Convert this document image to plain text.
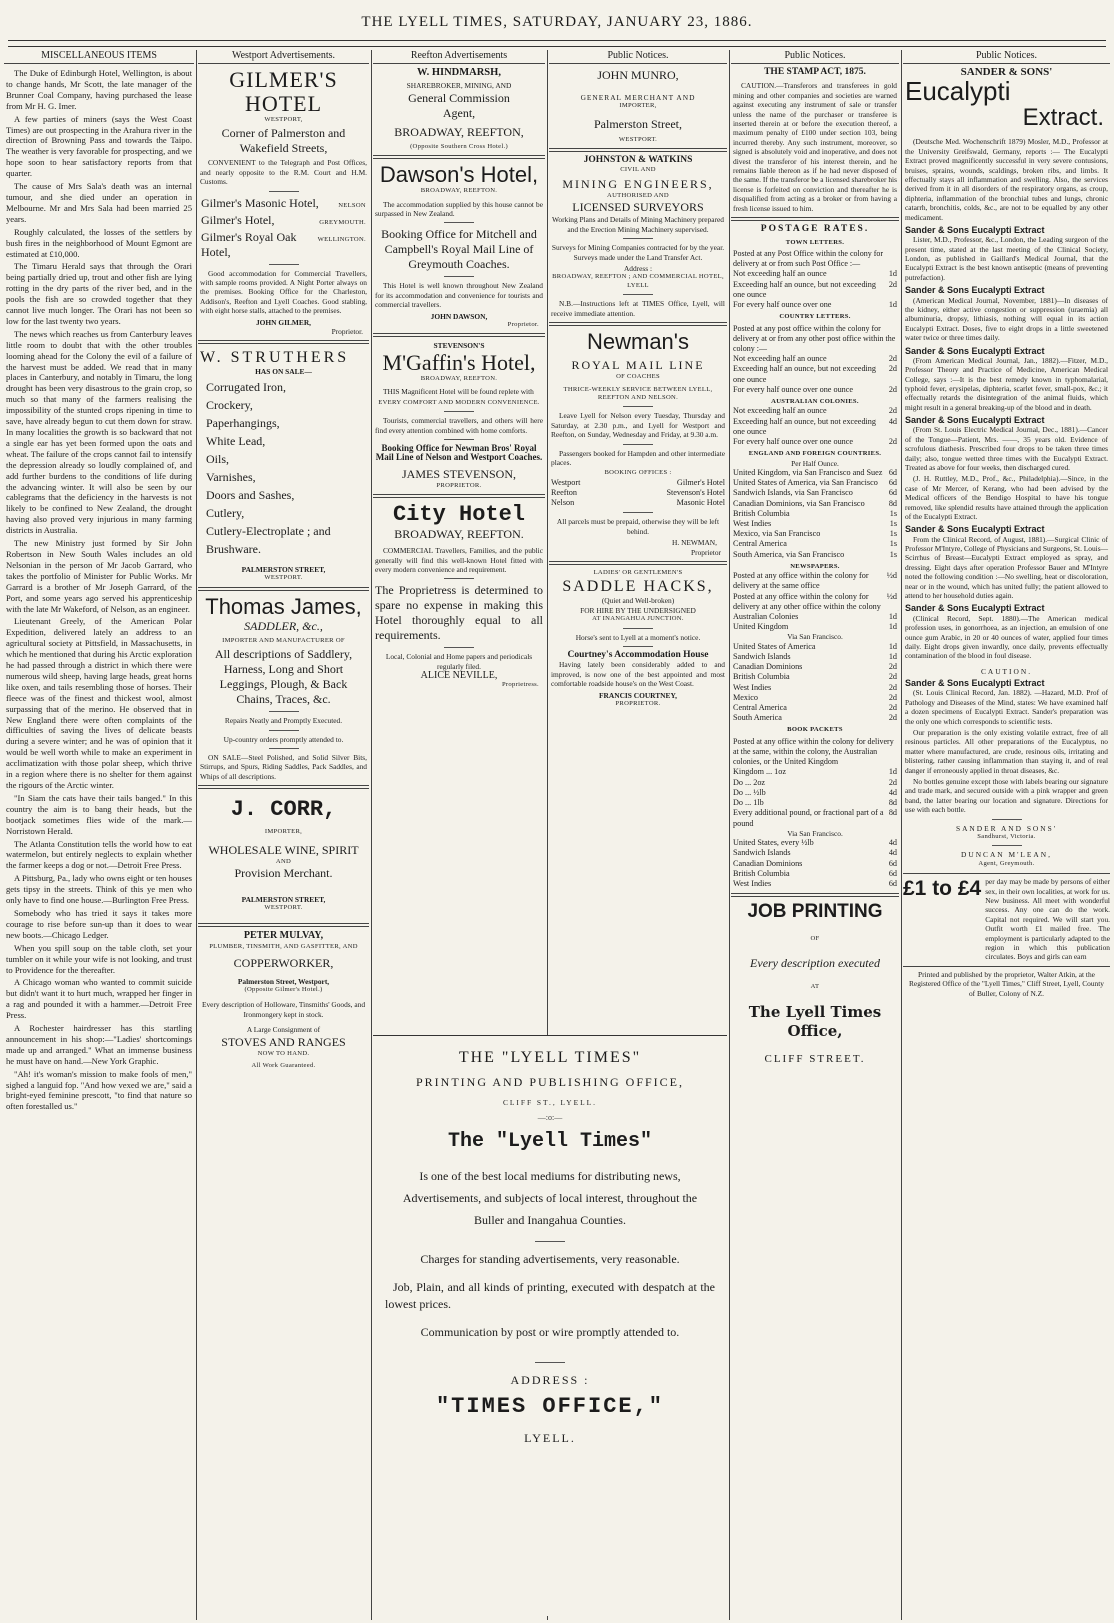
THE LYELL TIMES, SATURDAY, JANUARY 23, 1886.
MISCELLANEOUS ITEMS
The Duke of Edinburgh Hotel, Wellington, is about to change hands, Mr Scott, the late manager of the Brunner Coal Company, having purchased the lease from Mr H. G. Imer.
A few parties of miners (says the West Coast Times) are out prospecting in the Arahura river in the direction of Browning Pass and towards the Taipo. The weather is very favorable for prospecting, and we hope soon to hear satisfactory reports from that quarter.
The cause of Mrs Sala's death was an internal tumour, and she died under an operation in Melbourne. Mr and Mrs Sala had been married 25 years.
Roughly calculated, the losses of the settlers by bush fires in the neighborhood of Mount Egmont are estimated at £10,000.
The Timaru Herald says that through the Orari being partially dried up, trout and other fish are lying rotting in the dry parts of the river bed, and in the pools the fish are so crowded together that they cannot live much longer. The Orari has not been so low for the last twenty two years.
The news which reaches us from Canterbury leaves little room to doubt that with the other troubles looming ahead for the Colony the evil of a failure of the harvest must be added. We read that in many places in Canterbury, and notably in Timaru, the long drought has been very disastrous to the grain crop, so much so that many of the farmers realising the impossibility of the stunted crops ripening in time to save, have already begun to cut them down for straw. In many localities the growth is so backward that not a single ear has yet been formed upon the oats and wheat. The failure of the crops cannot fail to intensify the depression already so loudly complained of, and add further burdens to the conditions of life during the advancing winter. It will also be seen by our cablegrams that the deficiency in the harvests is not likely to be confined to New Zealand, the drought having also proved very injurious in many farming districts in Australia.
The new Ministry just formed by Sir John Robertson in New South Wales includes an old Nelsonian in the person of Mr Jacob Garrard, who takes the portfolio of Minister for Public Works. Mr Garrard is a brother of Mr Joseph Garrard, of the Port, and some years ago served his apprenticeship with the late Mr Wakeford, of Nelson, as an engineer.
Lieutenant Greely, of the American Polar Expedition, delivered lately an address to an agricultural society at Pittsfield, in Massachusetts, in which he mentioned that during his Arctic exploration he had passed through a district in which there were numerous wild sheep, having large heads, great horns like oxen, and tails resembling those of horses. Their fleece was of the finest and thickest wool, almost surpassing that of the merino. He observed that in New England there were often complaints of the difficulties of saving the lives of delicate beasts during a severe winter; and he was of opinion that it would be well worth while to make an experiment in acclimatization with those polar sheep, which thrive in a region where there is no shelter for them against the rigours of the Arctic winter.
"In Siam the cats have their tails banged." In this country the aim is to bang their heads, but the bootjack sometimes flies wide of the mark.—Norristown Herald.
The Atlanta Constitution tells the world how to eat watermelon, but entirely neglects to explain whether the farmer keeps a dog or not.—Detroit Free Press.
A Pittsburg, Pa., lady who owns eight or ten houses gets tipsy in the streets. Think of this ye men who only have to find one house.—Burlington Free Press.
Somebody who has tried it says it takes more courage to rise before sun-up than it does to wear new boots.—Chicago Ledger.
When you spill soup on the table cloth, set your tumbler on it while your wife is not looking, and trust to Providence for the thereafter.
A Chicago woman who wanted to commit suicide but didn't want it to hurt much, wrapped her finger in a rag and pounded it with a hammer.—Detroit Free Press.
A Rochester hairdresser has this startling announcement in his shop:—"Ladies' shortcomings made up and arranged." What an immense business he must have on hand.—New York Graphic.
"Ah! it's woman's mission to make fools of men," sighed a languid fop. "And how vexed we are," said a bright-eyed feminine prescott, "to find that nature so often forestalled us."
Westport Advertisements.
GILMER'S HOTEL
WESTPORT,
Corner of Palmerston and Wakefield Streets,
CONVENIENT to the Telegraph and Post Offices, and nearly opposite to the R.M. Court and H.M. Customs.
Gilmer's Masonic Hotel,	NELSON
Gilmer's Hotel,	GREYMOUTH.
Gilmer's Royal Oak Hotel,
WELLINGTON.
Good accommodation for Commercial Travellers, with sample rooms provided. A Night Porter always on the premises. Booking Office for the Charleston, Addison's, Reefton and Lyell Coaches. Good stabling, with eight horse stalls, attached to the premises.
JOHN GILMER,
Proprietor.
W. STRUTHERS
HAS ON SALE—
Corrugated Iron,
Crockery,
Paperhangings,
White Lead,
Oils,
Varnishes,
Doors and Sashes,
Cutlery,
Cutlery-Electroplate ; and
Brushware.
PALMERSTON STREET,
WESTPORT.
Thomas James,
SADDLER, &c.,
IMPORTER AND MANUFACTURER OF
All descriptions of Saddlery, Harness, Long and Short Leggings, Plough, & Back Chains, Traces, &c.
Repairs Neatly and Promptly Executed.
Up-country orders promptly attended to.
ON SALE—Steel Polished, and Solid Silver Bits, Stirrups, and Spurs, Riding Saddles, Pack Saddles, and Whips of all descriptions.
J. CORR,
IMPORTER,
WHOLESALE WINE, SPIRIT
AND
Provision Merchant.
PALMERSTON STREET,
WESTPORT.
PETER MULVAY,
PLUMBER, TINSMITH, AND GASFITTER, AND
COPPERWORKER,
Palmerston Street, Westport,
(Opposite Gilmer's Hotel.)
Every description of Holloware, Tinsmiths' Goods, and Ironmongery kept in stock.
A Large Consignment of
STOVES AND RANGES
NOW TO HAND.
All Work Guaranteed.
Reefton Advertisements
W. HINDMARSH,
SHAREBROKER, MINING, AND
General Commission
Agent,
BROADWAY, REEFTON,
(Opposite Southern Cross Hotel.)
Dawson's Hotel,
BROADWAY, REEFTON.
The accommodation supplied by this house cannot be surpassed in New Zealand.
Booking Office for Mitchell and Campbell's Royal Mail Line of Greymouth Coaches.
This Hotel is well known throughout New Zealand for its accommodation and convenience for tourists and commercial travellers.
JOHN DAWSON,
Proprietor.
STEVENSON'S
M'Gaffin's Hotel,
BROADWAY, REEFTON.
THIS Magnificent Hotel will be found replete with
EVERY COMFORT AND MODERN CONVENIENCE.
Tourists, commercial travellers, and others will here find every attention combined with home comforts.
Booking Office for Newman Bros' Royal Mail Line of Nelson and Westport Coaches.
JAMES STEVENSON,
PROPRIETOR.
City Hotel
BROADWAY, REEFTON.
COMMERCIAL Travellers, Families, and the public generally will find this well-known Hotel fitted with every modern convenience and requirement.
The Proprietress is determined to spare no expense in making this Hotel thoroughly equal to all requirements.
Local, Colonial and Home papers and periodicals regularly filed.
ALICE NEVILLE,
Proprietress.
Public Notices.
JOHN MUNRO,
GENERAL MERCHANT AND
IMPORTER,
Palmerston Street,
WESTPORT.
JOHNSTON & WATKINS
CIVIL AND
MINING ENGINEERS,
AUTHORISED AND
LICENSED SURVEYORS
Working Plans and Details of Mining Machinery prepared and the Erection Mining Machinery supervised.
Surveys for Mining Companies contracted for by the year. Surveys made under the Land Transfer Act.
Address :
BROADWAY, REEFTON ; AND COMMERCIAL HOTEL, LYELL
N.B.—Instructions left at TIMES Office, Lyell, will receive immediate attention.
Newman's
ROYAL MAIL LINE
OF COACHES
THRICE-WEEKLY SERVICE BETWEEN LYELL, REEFTON AND NELSON.
Leave Lyell for Nelson every Tuesday, Thursday and Saturday, at 2.30 p.m., and Lyell for Westport and Reefton, on Sunday, Wednesday and Friday, at 9.30 a.m.
Passengers booked for Hampden and other intermediate places.
BOOKING OFFICES :
Westport	Gilmer's Hotel
Reefton	Stevenson's Hotel
Nelson	Masonic Hotel
All parcels must be prepaid, otherwise they will be left behind.
H. NEWMAN,
Proprietor
LADIES' OR GENTLEMEN'S
SADDLE HACKS,
(Quiet and Well-broken)
FOR HIRE BY THE UNDERSIGNED
AT INANGAHUA JUNCTION.
Horse's sent to Lyell at a moment's notice.
Courtney's Accommodation House
Having lately been considerably added to and improved, is now one of the best appointed and most comfortable roadside house's on the West Coast.
FRANCIS COURTNEY,
PROPRIETOR.
THE "LYELL TIMES"
PRINTING AND PUBLISHING OFFICE,
CLIFF ST., LYELL.
—:o:—
The "Lyell Times"
Is one of the best local mediums for distributing news, Advertisements, and subjects of local interest, throughout the Buller and Inangahua Counties.
Charges for standing advertisements, very reasonable.
Job, Plain, and all kinds of printing, executed with despatch at the lowest prices.
Communication by post or wire promptly attended to.
ADDRESS :
"TIMES OFFICE,"
LYELL.
Public Notices.
THE STAMP ACT, 1875.
CAUTION.—Transferors and transferees in gold mining and other companies and societies are warned against executing any instrument of sale or transfer unless the name of the purchaser or transferee is inserted therein at or before the execution thereof, a maximum penalty of £100 under section 103, being incurred thereby. Any such instrument, moreover, so signed is absolutely void and inoperative, and does not divest the transferor of his interest therein, and he remains liable thereon as if he had never disposed of the same. If the transferor be a licensed sharebroker his license is forfeited on conviction and thereafter he is disqualified from acting as a broker or from having a fresh license issued to him.
POSTAGE RATES.
TOWN LETTERS.
Posted at any Post Office within the colony for delivery at or from such Post Office :—
Not exceeding half an ounce	1d
Exceeding half an ounce, but not exceeding one ounce
2d
For every half ounce over one	1d
COUNTRY LETTERS.
Posted at any post office within the colony for delivery at or from any other post office within the colony :—
Not exceeding half an ounce	2d
Exceeding half an ounce, but not exceeding one ounce
2d
For every half ounce over one ounce	2d
AUSTRALIAN COLONIES.
Not exceeding half an ounce	2d
Exceeding half an ounce, but not exceeding one ounce
4d
For every half ounce over one ounce	2d
ENGLAND AND FOREIGN COUNTRIES.
Per Half Ounce.
United Kingdom, via San Francisco and Suez 6d
United States of America, via San Francisco	6d
Sandwich Islands, via San Francisco	6d
Canadian Dominions, via San Francisco	8d
British Columbia	1s
West Indies	1s
Mexico, via San Francisco	1s
Central America	1s
South America, via San Francisco	1s
NEWSPAPERS.
Posted at any office within the colony for delivery at the same office
½d
Posted at any office within the colony for delivery at any other office within the colony
½d
Australian Colonies	1d
United Kingdom	1d
Via San Francisco.
United States of America	1d
Sandwich Islands	1d
Canadian Dominions	2d
British Columbia	2d
West Indies	2d
Mexico	2d
Central America	2d
South America	2d
BOOK PACKETS
Posted at any office within the colony for delivery at the same, within the colony, the Australian colonies, or the United Kingdom
Kingdom ... 1oz	1d
Do ... 2oz	2d
Do ... ½lb	4d
Do ... 1lb	8d
Every additional pound, or fractional part of a pound
8d
Via San Francisco.
United States, every ½lb	4d
Sandwich Islands	4d
Canadian Dominions	6d
British Columbia	6d
West Indies	6d
JOB PRINTING
OF
Every description executed
AT
The Lyell Times Office,
CLIFF STREET.
Public Notices.
SANDER & SONS'
Eucalypti
Extract.
(Deutsche Med. Wochenschrift 1879) Mosler, M.D., Professor at the University Greifswald, Germany, reports :— The Eucalypti Extract proved magnificently successful in very severe contusions, bruises, sprains, wounds, scaldings, broken ribs, and limbs. It effectually stays all inflammation and swelling. Also, the services derived from it in all disorders of the respiratory organs, as croup, diphteria, inflammation of the bronchial tubes and lungs, chronic catarrh, bronchitis, colds, &c., are not to be equalled by any other medicament.
Sander & Sons Eucalypti Extract
Lister, M.D., Professor, &c., London, the Leading surgeon of the present time, stated at the last meeting of the Clinical Society, London, as published in Gaillard's Medical Journal, that the Eucalypti Extract is the best known antiseptic (means of preventing putrefaction).
Sander & Sons Eucalypti Extract
(American Medical Journal, November, 1881)—In diseases of the kidney, either active congestion or suppression (uraemia) all albuminuria, dropsy, lithiasis, nothing will equal in its action Eucalypti Extract. Doses, five to eight drops in a little sweetened water twice or three times daily.
Sander & Sons Eucalypti Extract
(From American Medical Journal, Jan., 1882).—Fitzer, M.D., Professor Theory and Practice of Medicine, American Medical College, says :—It is the best remedy known in typhomalarial, typhoid fever, erysipelas, diphteria, scarlet fever, small-pox, &c.; it effectually retards the disintegration of the animal fluids, which might result in a general breaking-up of the blood and in death.
Sander & Sons Eucalypti Extract
(From St. Louis Electric Medical Journal, Dec., 1881).—Cancer of the Tongue—Patient, Mrs. ——, 35 years old. Evidence of scrofulous diathesis. Prescribed four drops to be taken three times daily; also, tongue wetted three times with the Eucalypti Extract. Treated as above for four weeks, then discharged cured.
(J. H. Ruttley, M.D., Prof., &c., Philadelphia).—Since, in the case of Mr Mercer, of Kerang, who had been advised by the Medical officers of the Bendigo Hospital to have his tongue removed, like splendid results have attained through the application of the Eucalypti Extract.
Sander & Sons Eucalypti Extract
From the Clinical Record, of August, 1881).—Surgical Clinic of Professor M'Intyre, College of Physicians and Surgeons, St. Louis—Scirrhus of Breast—Eucalypti Extract employed as spray, and dressing. Eight days after operation Professor Bauer and M'Intyre noted the following condition :—No swelling, heat or discoloration, near or in the wound, which has united fully; the patient allowed to attend to her household duties again.
Sander & Sons Eucalypti Extract
(Clinical Record, Sept. 1880).—The American medical profession uses, in gonorrhoea, as an injection, an emulsion of one ounce gum Arabic, in 20 or 40 ounces of water, applied four times daily. Eight drops given inwardly, once daily, prevents effectually contamination of the blood in foul disease.
CAUTION.
Sander & Sons Eucalypti Extract
(St. Louis Clinical Record, Jan. 1882). —Hazard, M.D. Prof of Pathology and Diseases of the Mind, states: We have examined half a dozen specimens of Eucalypti Extract. Sander's preparation was the only one which corresponds to scientific tests.
Our preparation is the only existing volatile extract, free of all resinous particles. All other preparations of the Eucalyptus, no matter where manufactured, are crude, resinous oils, irritating and blistering, rather causing inflammation than staying it, and of real danger if erroneously applied in throat diseases, &c.
No bottles genuine except those with labels bearing our signature and trade mark, and secured outside with a pink wrapper and green band, the latter bearing our location and signature. Directions for use with each bottle.
SANDER AND SONS'
Sandhurst, Victoria.
DUNCAN M'LEAN,
Agent, Greymouth.
£1 to £4 per day may be made by persons of either sex, in their own localities, at work for us. New business. All meet with wonderful success. Any one can do the work. Capital not required. We will start you. Outfit worth £1 mailed free. The employment is particularly adapted to the region in which this publication circulates. Boys and girls can earn
Printed and published by the proprietor, Walter Atkin, at the Registered Office of the "Lyell Times," Cliff Street, Lyell, County of Buller, Colony of N.Z.
